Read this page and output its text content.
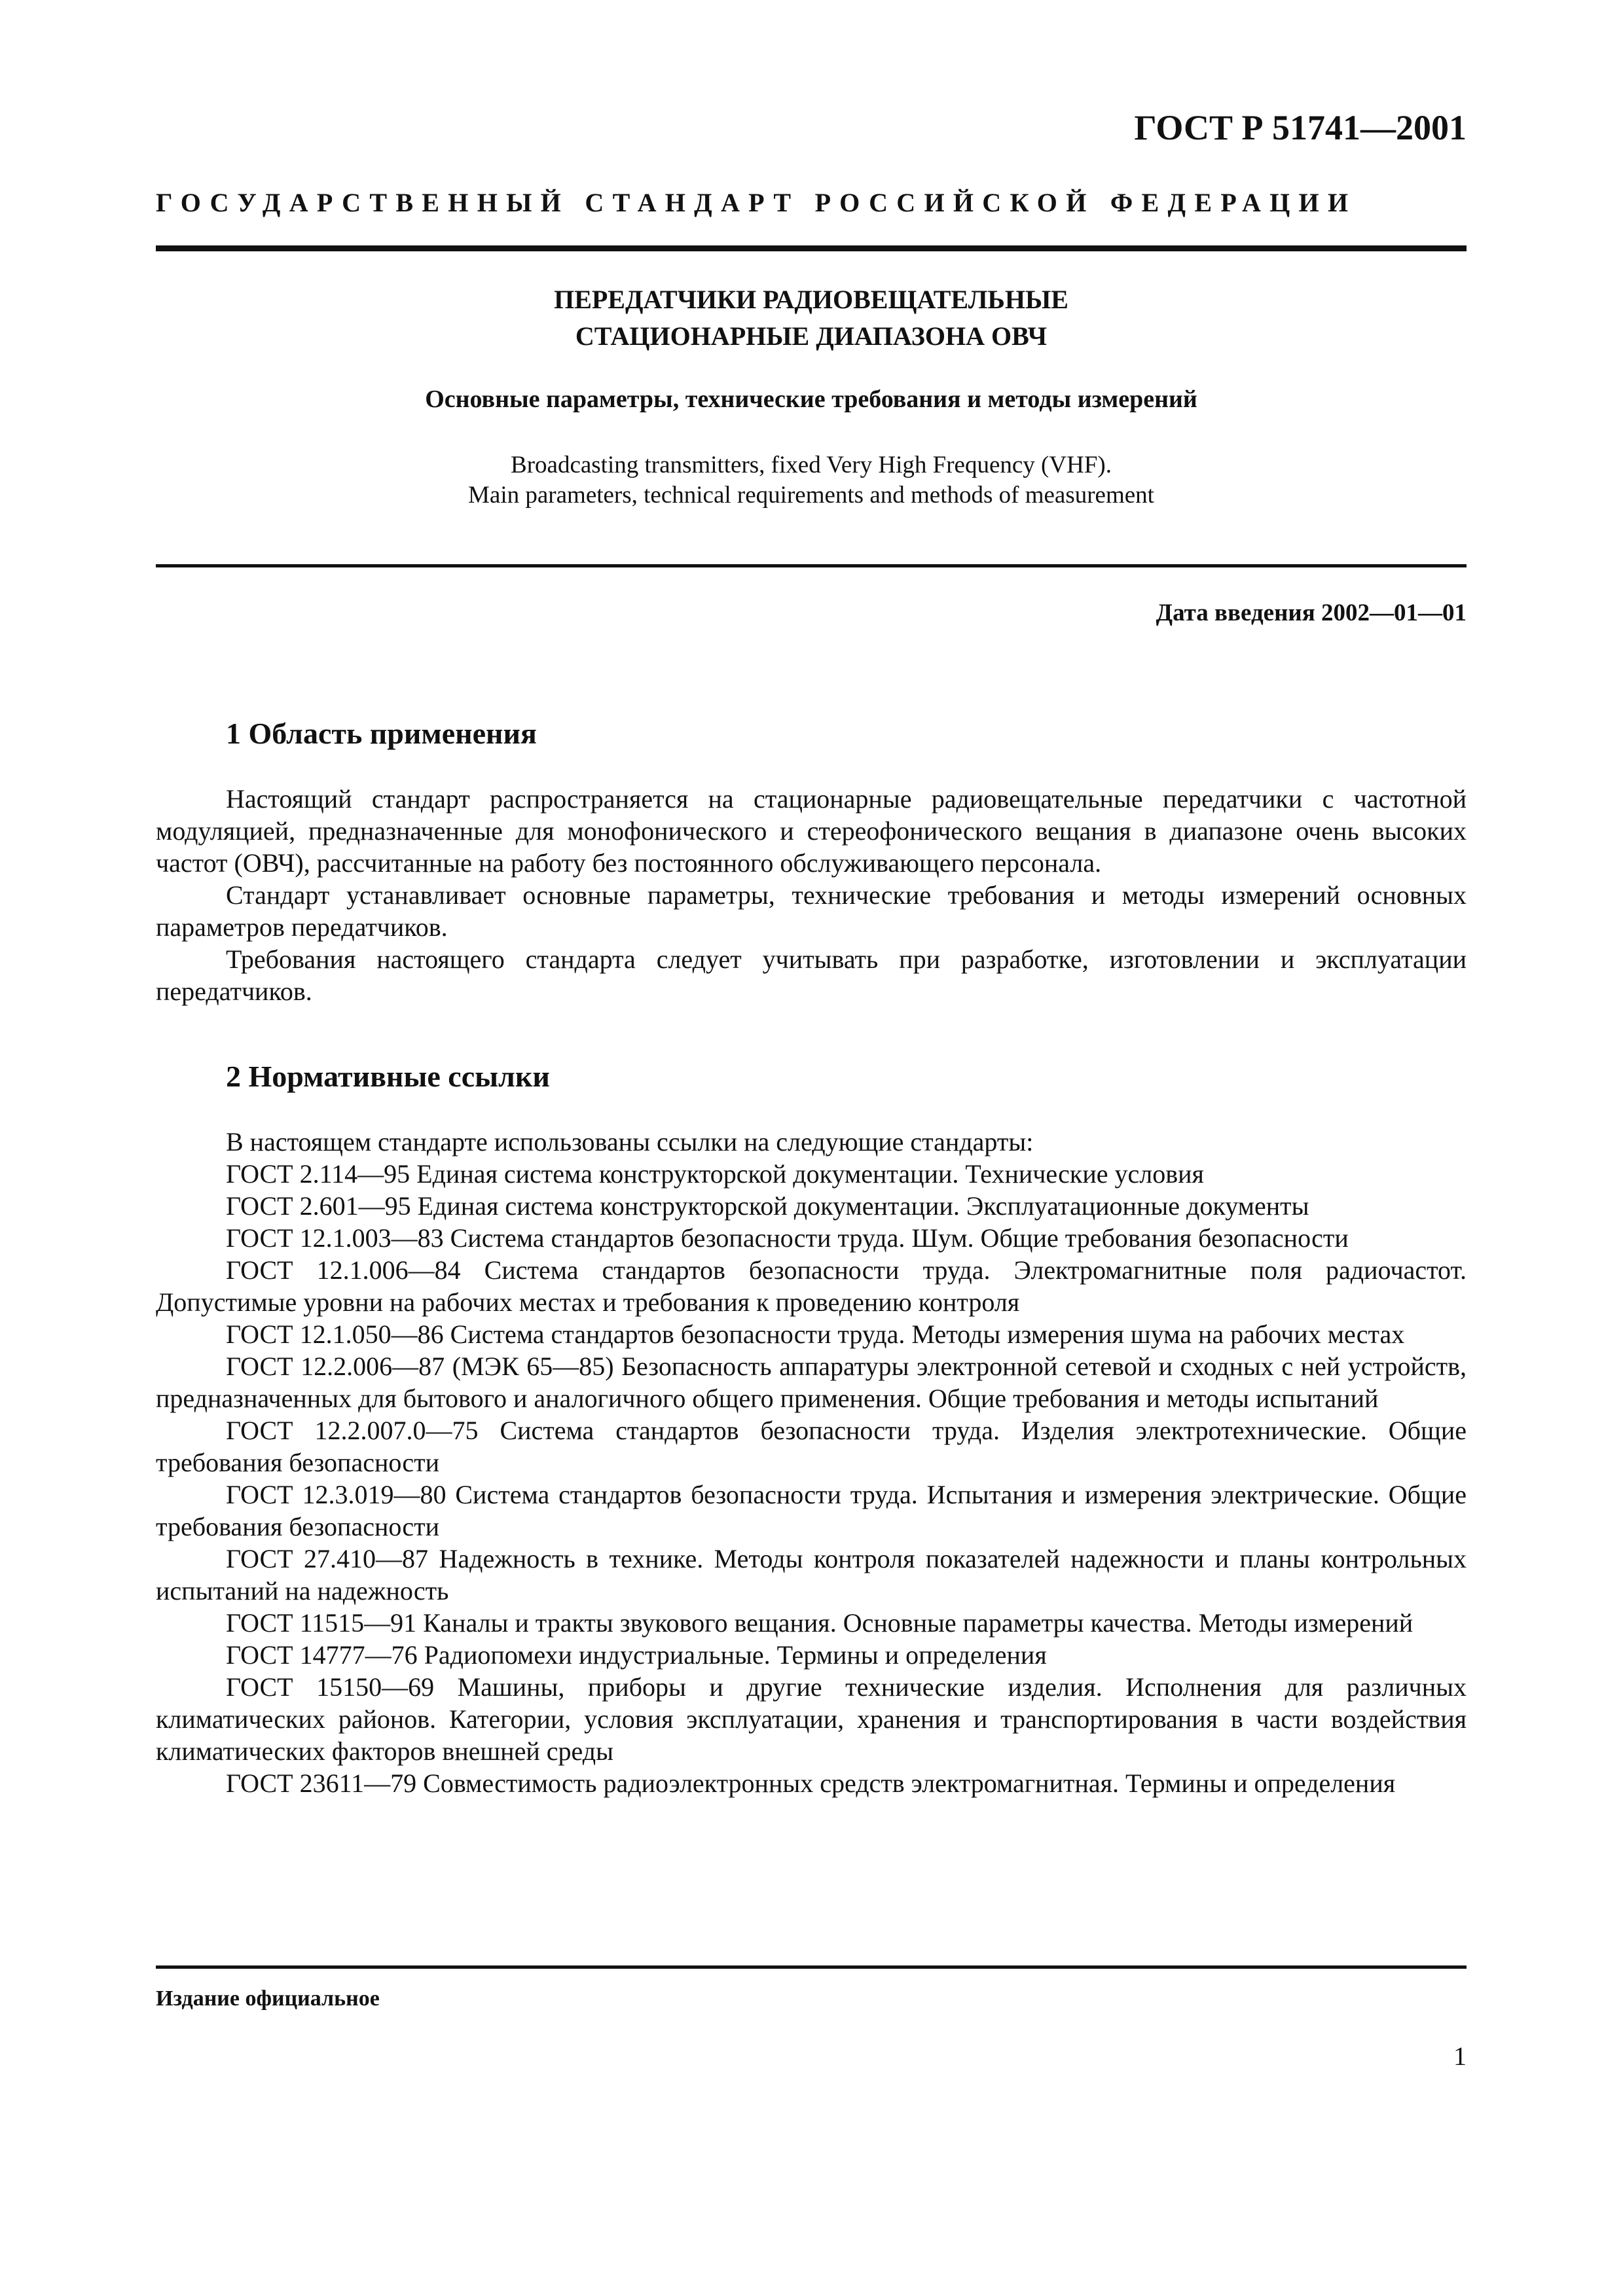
ГОСТ Р 51741—2001
ГОСУДАРСТВЕННЫЙ СТАНДАРТ РОССИЙСКОЙ ФЕДЕРАЦИИ
ПЕРЕДАТЧИКИ РАДИОВЕЩАТЕЛЬНЫЕ
СТАЦИОНАРНЫЕ ДИАПАЗОНА ОВЧ
Основные параметры, технические требования и методы измерений
Broadcasting transmitters, fixed Very High Frequency (VHF).
Main parameters, technical requirements and methods of measurement
Дата введения 2002—01—01
1 Область применения

Настоящий стандарт распространяется на стационарные радиовещательные передатчики с частотной модуляцией, предназначенные для монофонического и стереофонического вещания в диапазоне очень высоких частот (ОВЧ), рассчитанные на работу без постоянного обслуживающего персонала.

Стандарт устанавливает основные параметры, технические требования и методы измерений основных параметров передатчиков.

Требования настоящего стандарта следует учитывать при разработке, изготовлении и эксплуатации передатчиков.

2 Нормативные ссылки

В настоящем стандарте использованы ссылки на следующие стандарты:

ГОСТ 2.114—95 Единая система конструкторской документации. Технические условия

ГОСТ 2.601—95 Единая система конструкторской документации. Эксплуатационные документы

ГОСТ 12.1.003—83 Система стандартов безопасности труда. Шум. Общие требования безопасности

ГОСТ 12.1.006—84 Система стандартов безопасности труда. Электромагнитные поля радиочастот. Допустимые уровни на рабочих местах и требования к проведению контроля

ГОСТ 12.1.050—86 Система стандартов безопасности труда. Методы измерения шума на рабочих местах

ГОСТ 12.2.006—87 (МЭК 65—85) Безопасность аппаратуры электронной сетевой и сходных с ней устройств, предназначенных для бытового и аналогичного общего применения. Общие требования и методы испытаний

ГОСТ 12.2.007.0—75 Система стандартов безопасности труда. Изделия электротехнические. Общие требования безопасности

ГОСТ 12.3.019—80 Система стандартов безопасности труда. Испытания и измерения электрические. Общие требования безопасности

ГОСТ 27.410—87 Надежность в технике. Методы контроля показателей надежности и планы контрольных испытаний на надежность

ГОСТ 11515—91 Каналы и тракты звукового вещания. Основные параметры качества. Методы измерений

ГОСТ 14777—76 Радиопомехи индустриальные. Термины и определения

ГОСТ 15150—69 Машины, приборы и другие технические изделия. Исполнения для различных климатических районов. Категории, условия эксплуатации, хранения и транспортирования в части воздействия климатических факторов внешней среды

ГОСТ 23611—79 Совместимость радиоэлектронных средств электромагнитная. Термины и определения

Издание официальное
1
